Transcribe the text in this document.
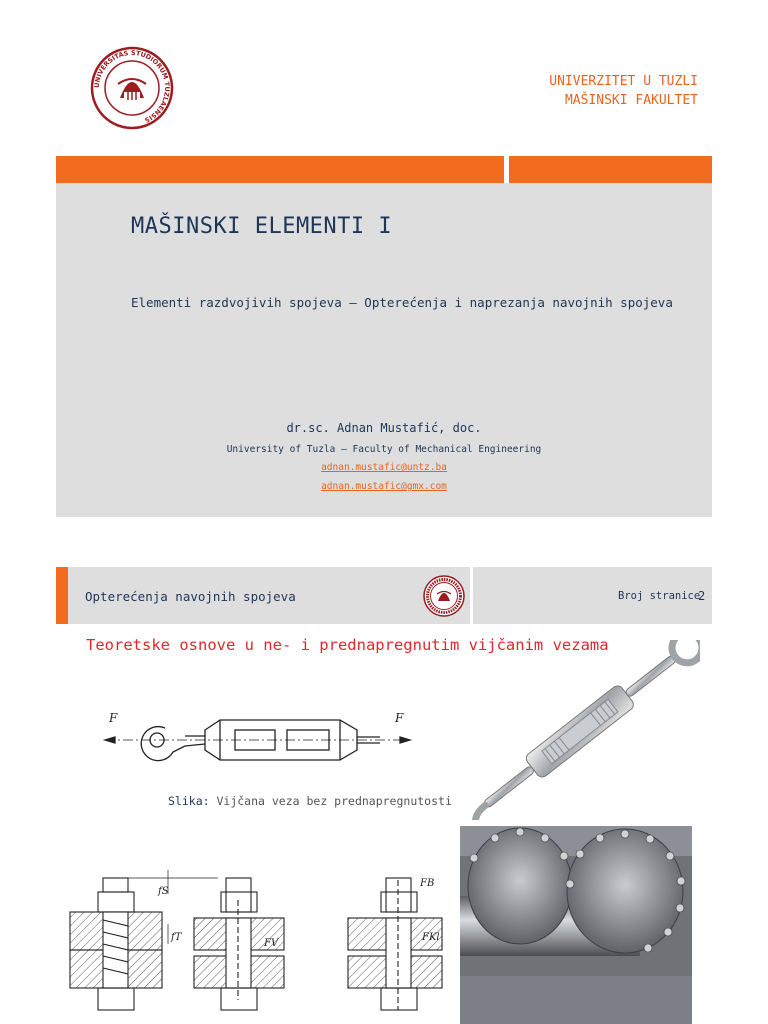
UNIVERSITAS STUDIORUM TUZLAENSIS
UNIVERZITET U TUZLI
MAŠINSKI FAKULTET
MAŠINSKI ELEMENTI I
Elementi razdvojivih spojeva – Opterećenja i naprezanja navojnih spojeva
dr.sc. Adnan Mustafić, doc.
University of Tuzla – Faculty of Mechanical Engineering
adnan.mustafic@untz.ba
adnan.mustafic@gmx.com
Opterećenja navojnih spojeva	Broj stranice
2
Teoretske osnove u ne- i prednapregnutim vijčanim vezama
F	F
Slika: Vijčana veza bez prednapregnutosti
fS
fT
FV
FB
FKl
